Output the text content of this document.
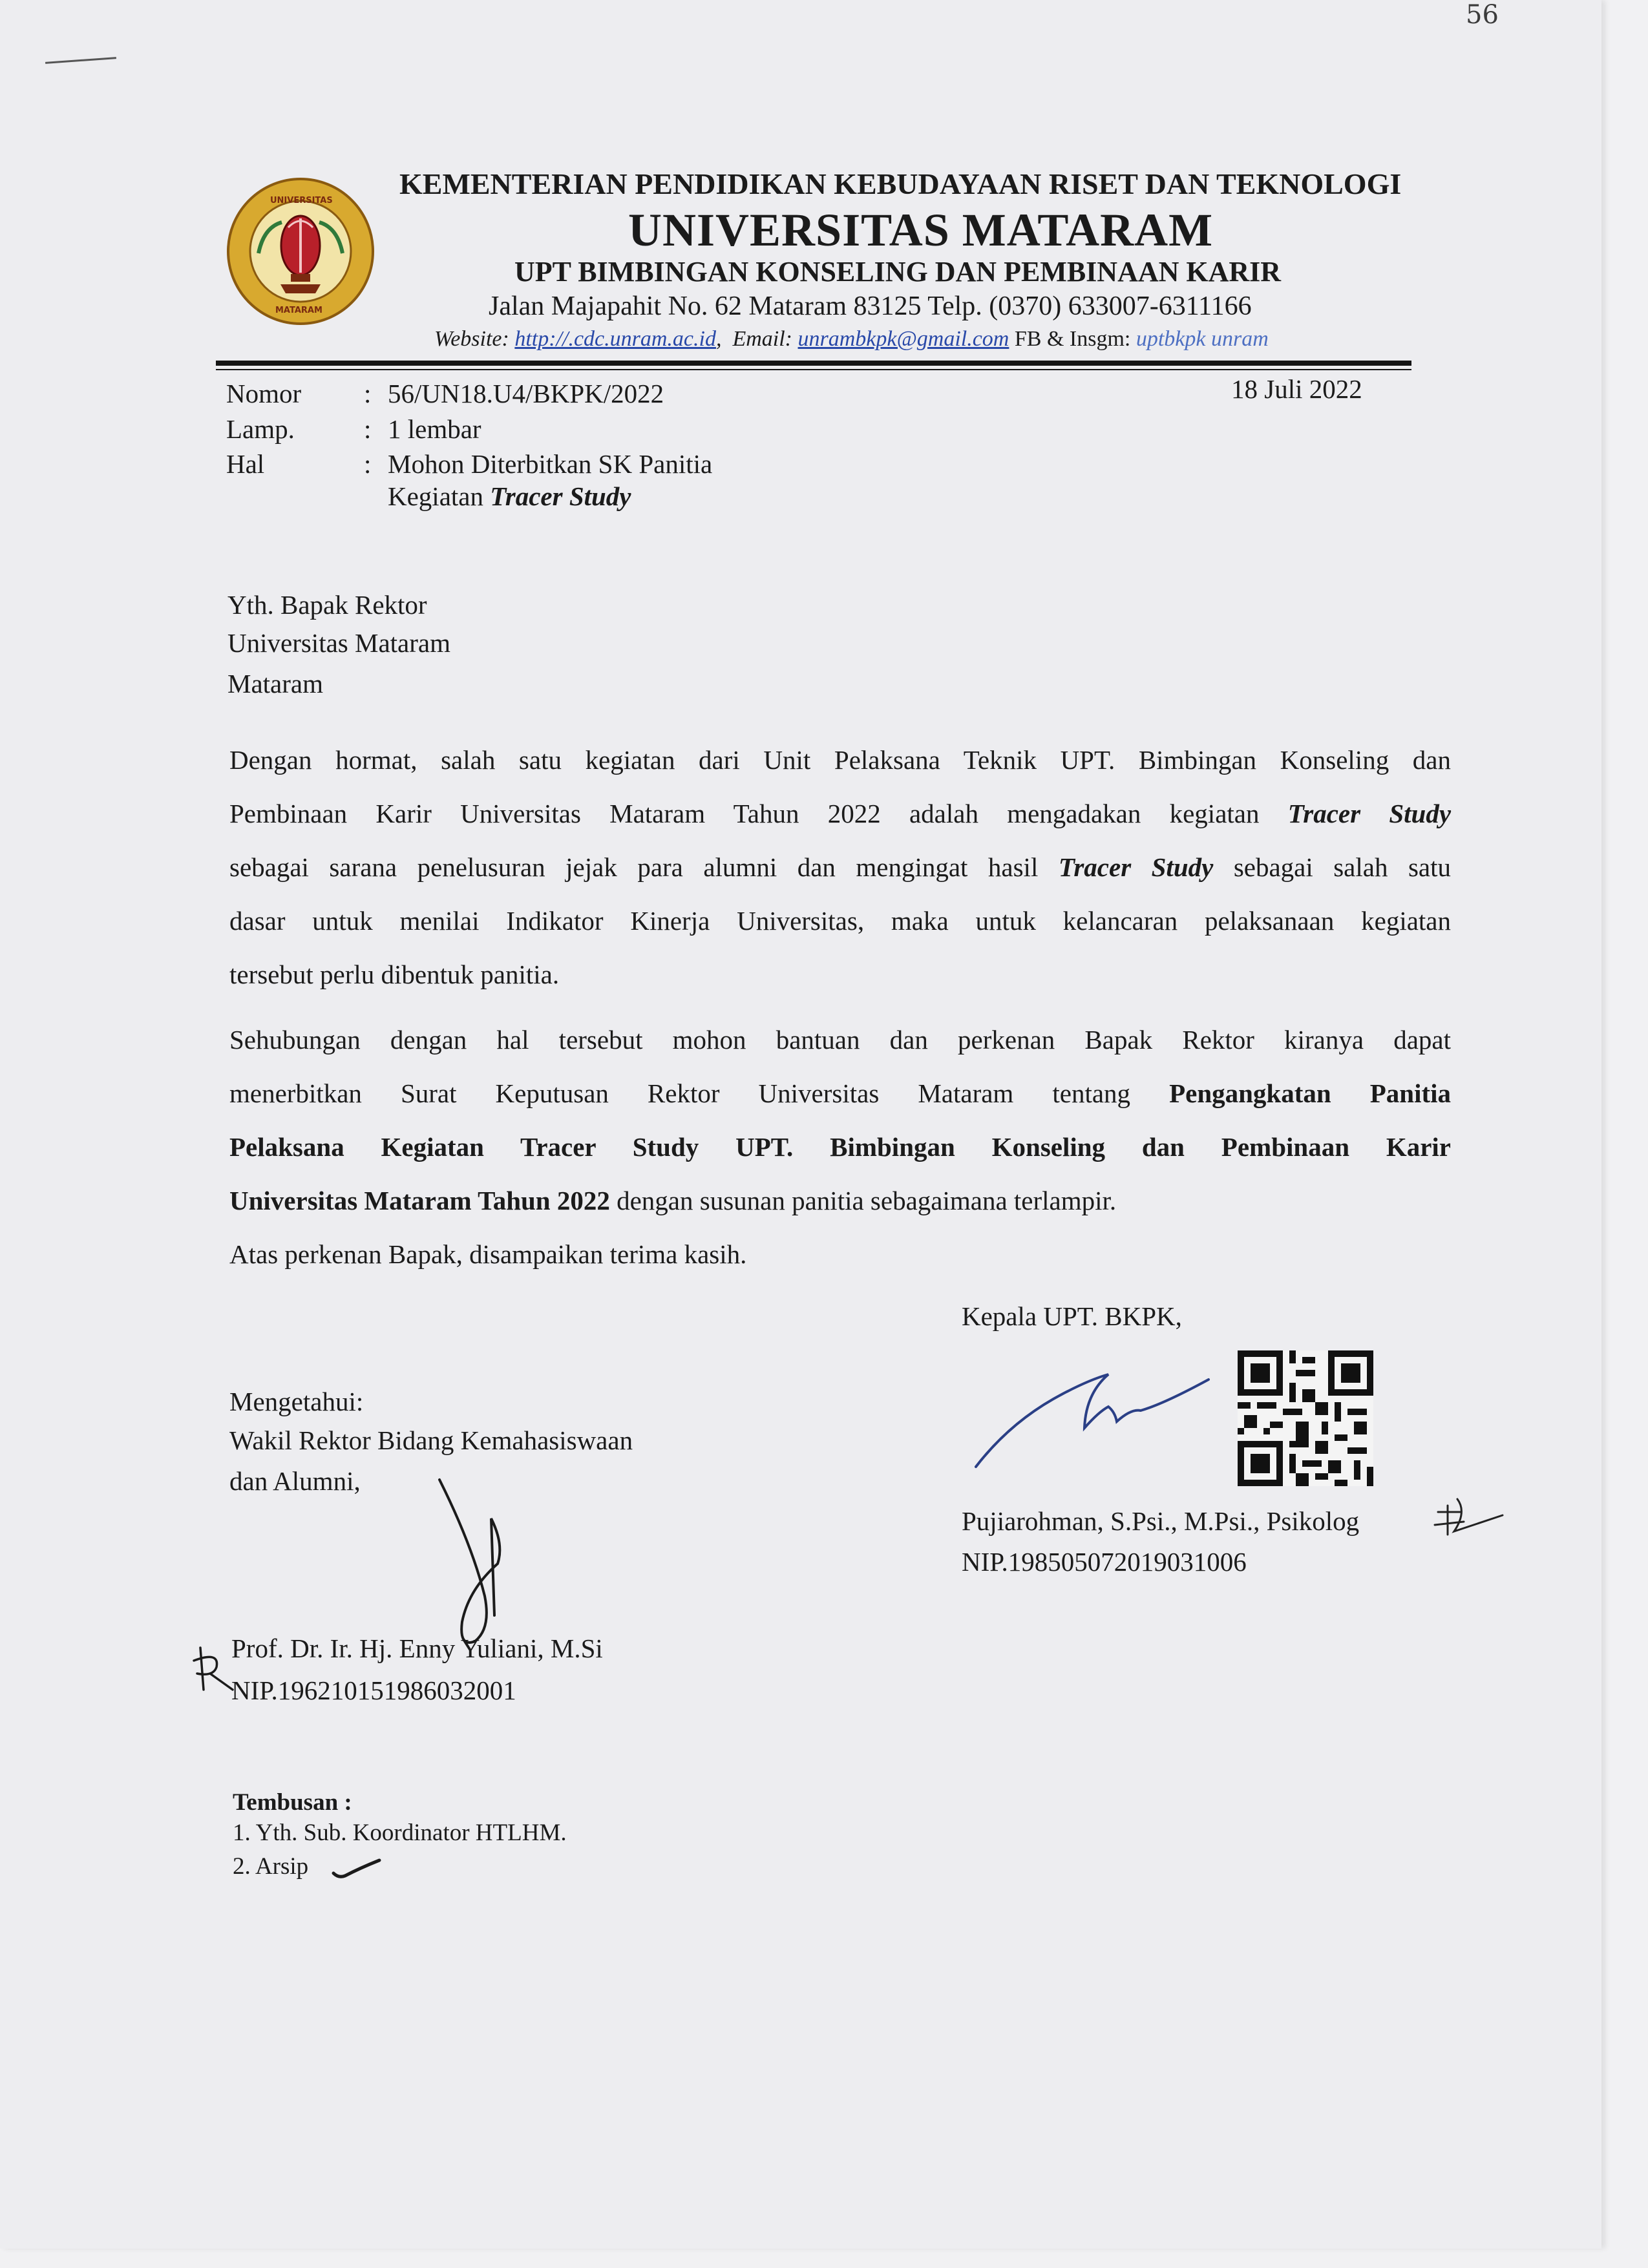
56
UNIVERSITAS
MATARAM
KEMENTERIAN PENDIDIKAN KEBUDAYAAN RISET DAN TEKNOLOGI
UNIVERSITAS MATARAM
UPT BIMBINGAN KONSELING DAN PEMBINAAN KARIR
Jalan Majapahit No. 62 Mataram 83125 Telp. (0370) 633007-6311166
Website: http://.cdc.unram.ac.id,  Email: unrambkpk@gmail.com FB & Insgm: uptbkpk unram
Nomor : 56/UN18.U4/BKPK/2022	18 Juli 2022
Lamp.	: 1 lembar
Hal	: Mohon Diterbitkan SK Panitia
Kegiatan Tracer Study
Yth. Bapak Rektor
Universitas Mataram
Mataram
Dengan hormat, salah satu kegiatan dari Unit Pelaksana Teknik UPT. Bimbingan Konseling dan
Pembinaan Karir Universitas Mataram Tahun 2022 adalah mengadakan kegiatan Tracer Study
sebagai sarana penelusuran jejak para alumni dan mengingat hasil Tracer Study sebagai salah satu
dasar untuk menilai Indikator Kinerja Universitas, maka untuk kelancaran pelaksanaan kegiatan
tersebut perlu dibentuk panitia.
Sehubungan dengan hal tersebut mohon bantuan dan perkenan Bapak Rektor kiranya dapat
menerbitkan Surat Keputusan Rektor Universitas Mataram tentang Pengangkatan Panitia
Pelaksana Kegiatan Tracer Study UPT. Bimbingan Konseling dan Pembinaan Karir
Universitas Mataram Tahun 2022 dengan susunan panitia sebagaimana terlampir.
Atas perkenan Bapak, disampaikan terima kasih.
Kepala UPT. BKPK,
Pujiarohman, S.Psi., M.Psi., Psikolog
NIP.198505072019031006
Mengetahui:
Wakil Rektor Bidang Kemahasiswaan
dan Alumni,
Prof. Dr. Ir. Hj. Enny Yuliani, M.Si
NIP.196210151986032001
Tembusan :
1. Yth. Sub. Koordinator HTLHM.
2. Arsip
